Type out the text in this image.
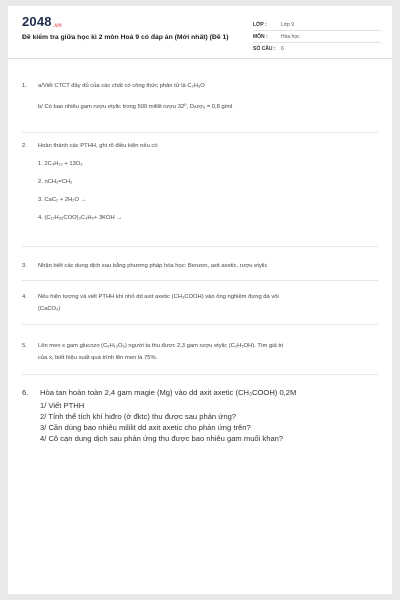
2048.vn
Đề kiểm tra giữa học kì 2 môn Hoá 9 có đáp án (Mới nhất) (Đề 1)
LỚP :	Lớp 9
MÔN :	Hóa học
SỐ CÂU :	6
1. a/Viết CTCT đầy đủ của các chất có công thức phân tử là C₂H₆O
b/ Có bao nhiêu gam rượu etylic trong 500 mililit rượu 32⁰, Dᵣượᵤ = 0,8 g/ml
2. Hoàn thành các PTHH, ghi rõ điều kiện nếu có
1. 2C₄H₁₀ + 13O₂
2. nCH₂=CH₂
3. CaC₂ + 2H₂O →
4. (C₁₇H₃₅COO)₃C₃H₅+ 3KOH →
3. Nhận biết các dung dịch sau bằng phương pháp hóa học: Benzen, axit axetic, rượu etylic
4. Nêu hiện tượng và viết PTHH khi nhỏ dd axit axetic (CH₃COOH) vào ống nghiệm đựng đá vôi
(CaCO₃)
5. Lên men x gam glucozo (C₆H₁₂O₆) người ta thu được 2,3 gam rượu etylic (C₂H₅OH). Tìm giá trị
của x, biết hiệu suất quá trình lên men là 75%.
6. Hòa tan hoàn toàn 2,4 gam magie (Mg) vào dd axit axetic (CH₃COOH) 0,2M
1/ Viết PTHH
2/ Tính thể tích khí hiđro (ở đktc) thu được sau phản ứng?
3/ Cần dùng bao nhiêu mililit dd axit axetic cho phản ứng trên?
4/ Cô cạn dung dịch sau phản ứng thu được bao nhiêu gam muối khan?
